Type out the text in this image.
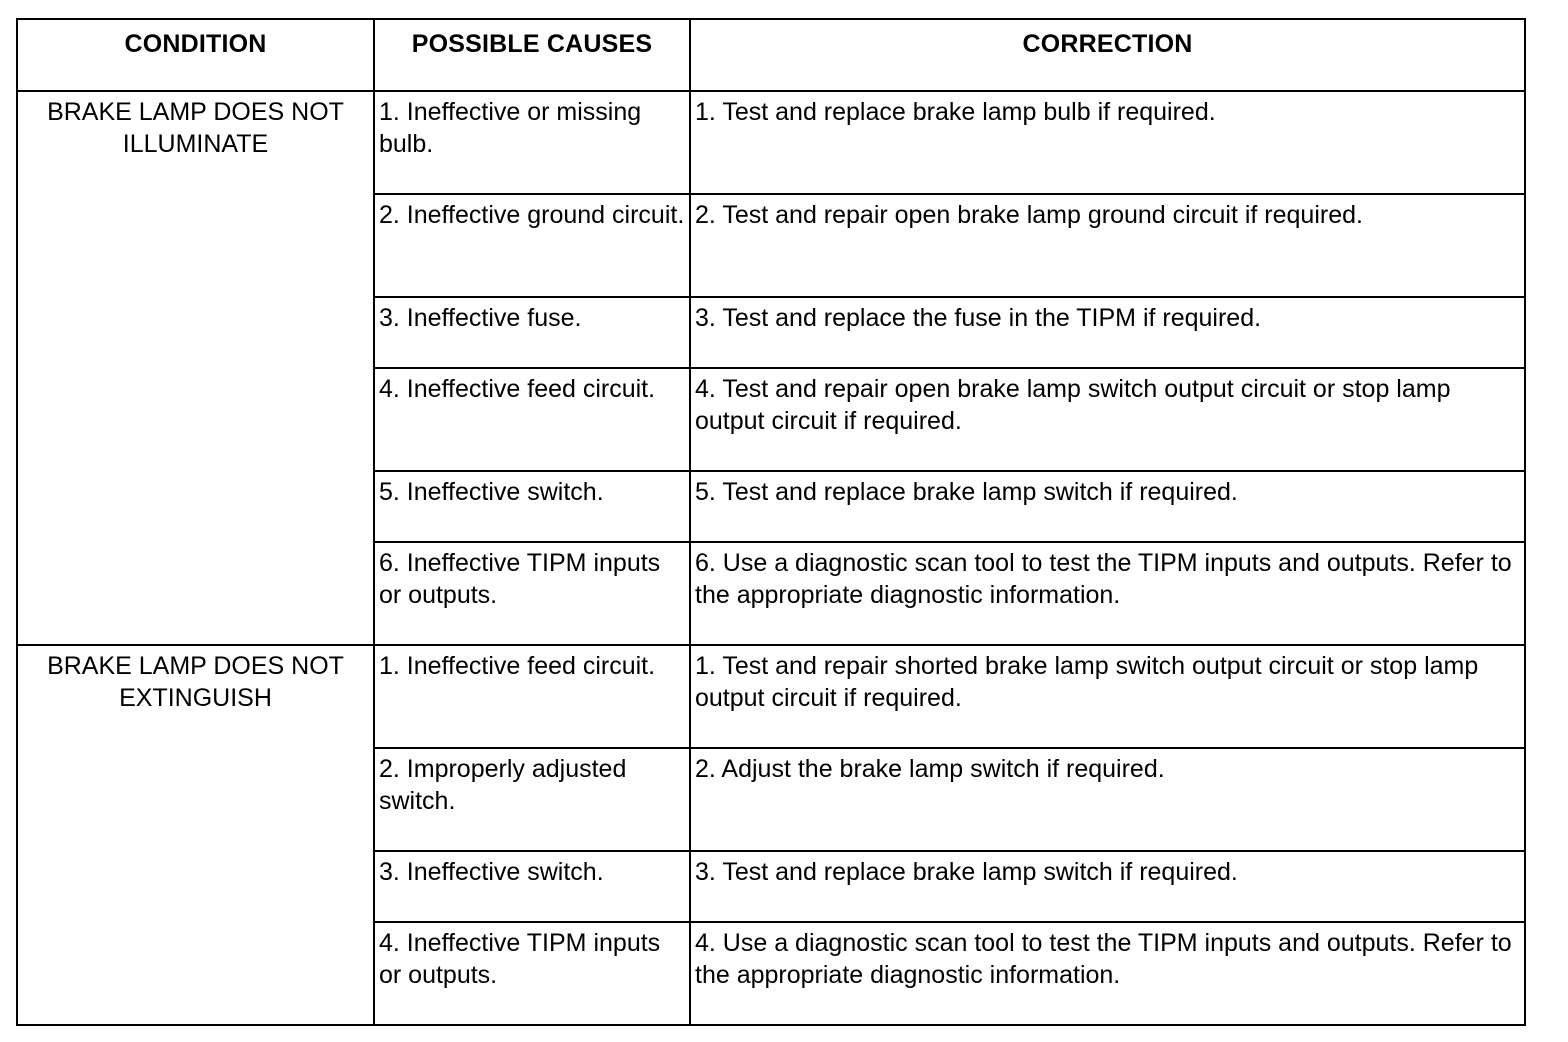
CONDITION	POSSIBLE CAUSES	CORRECTION
BRAKE LAMP DOES NOT ILLUMINATE	1. Ineffective or missing bulb.	1. Test and replace brake lamp bulb if required.
	2. Ineffective ground circuit.	2. Test and repair open brake lamp ground circuit if required.
	3. Ineffective fuse.	3. Test and replace the fuse in the TIPM if required.
	4. Ineffective feed circuit.	4. Test and repair open brake lamp switch output circuit or stop lamp output circuit if required.
	5. Ineffective switch.	5. Test and replace brake lamp switch if required.
	6. Ineffective TIPM inputs or outputs.	6. Use a diagnostic scan tool to test the TIPM inputs and outputs. Refer to the appropriate diagnostic information.
BRAKE LAMP DOES NOT EXTINGUISH	1. Ineffective feed circuit.	1. Test and repair shorted brake lamp switch output circuit or stop lamp output circuit if required.
	2. Improperly adjusted switch.	2. Adjust the brake lamp switch if required.
	3. Ineffective switch.	3. Test and replace brake lamp switch if required.
	4. Ineffective TIPM inputs or outputs.	4. Use a diagnostic scan tool to test the TIPM inputs and outputs. Refer to the appropriate diagnostic information.
